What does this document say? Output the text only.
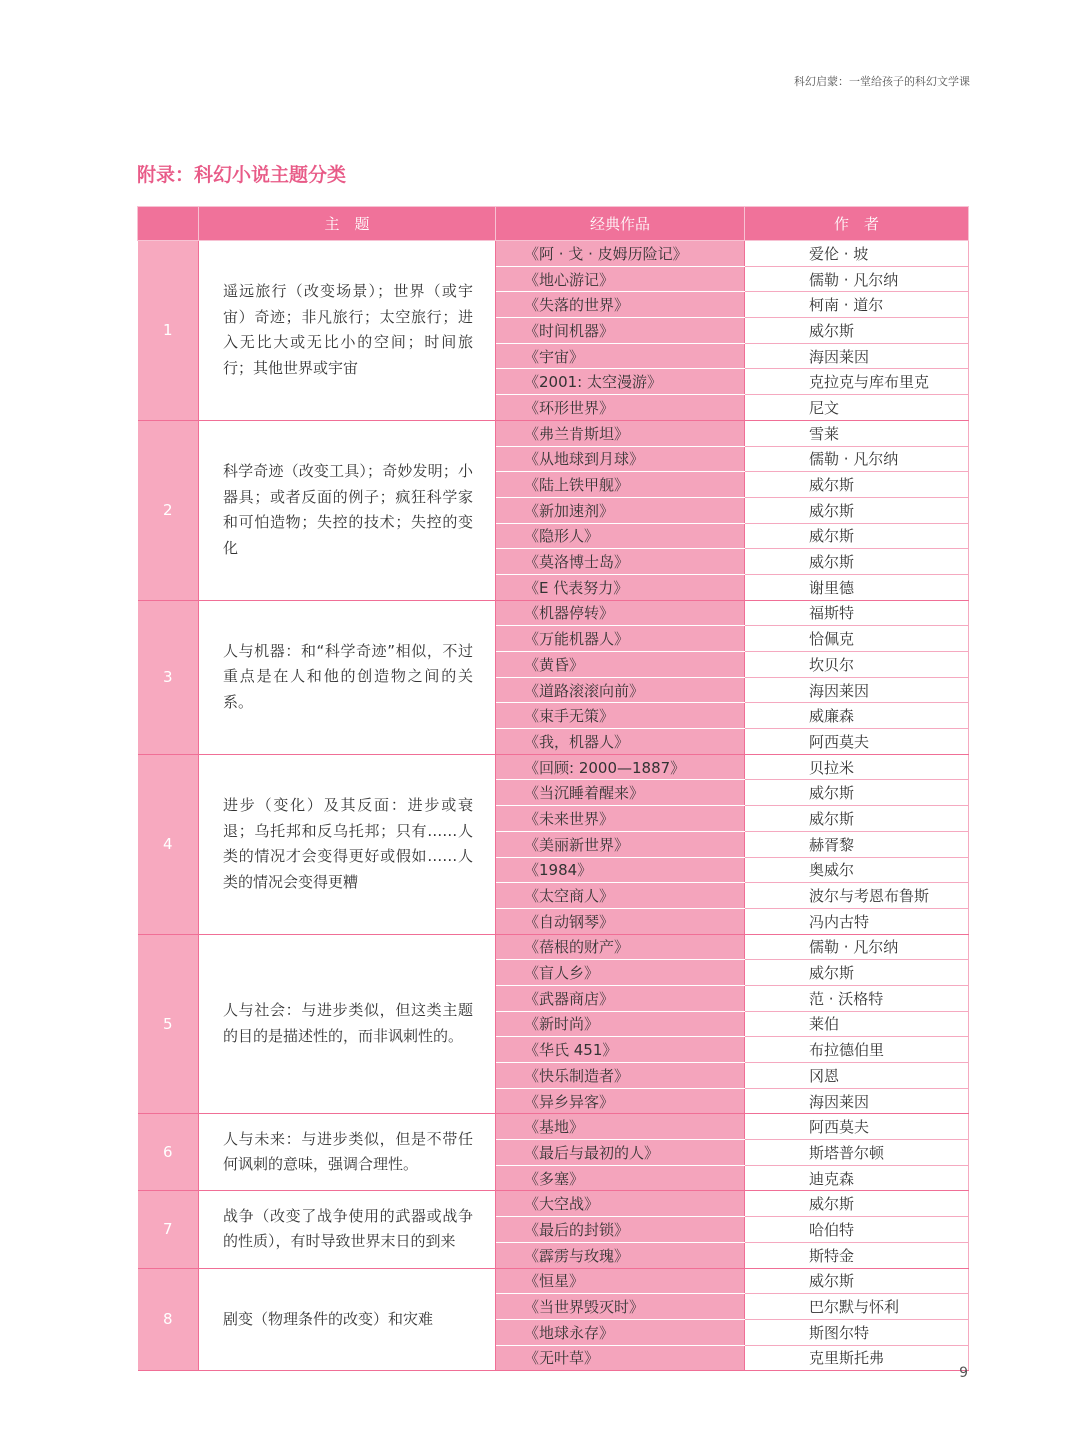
科幻启蒙：一堂给孩子的科幻文学课
附录：科幻小说主题分类
	主　题	经典作品	作　者
1	遥远旅行（改变场景）；世界（或宇宙）奇迹；非凡旅行；太空旅行；进入无比大或无比小的空间；时间旅行；其他世界或宇宙	《阿 · 戈 · 皮姆历险记》	爱伦 · 坡
		《地心游记》	儒勒 · 凡尔纳
		《失落的世界》	柯南 · 道尔
		《时间机器》	威尔斯
		《宇宙》	海因莱因
		《2001: 太空漫游》	克拉克与库布里克
		《环形世界》	尼文
2	科学奇迹（改变工具）；奇妙发明；小器具；或者反面的例子；疯狂科学家和可怕造物；失控的技术；失控的变化	《弗兰肯斯坦》	雪莱
		《从地球到月球》	儒勒 · 凡尔纳
		《陆上铁甲舰》	威尔斯
		《新加速剂》	威尔斯
		《隐形人》	威尔斯
		《莫洛博士岛》	威尔斯
		《E 代表努力》	谢里德
3	人与机器：和“科学奇迹”相似，不过重点是在人和他的创造物之间的关系。	《机器停转》	福斯特
		《万能机器人》	恰佩克
		《黄昏》	坎贝尔
		《道路滚滚向前》	海因莱因
		《束手无策》	威廉森
		《我，机器人》	阿西莫夫
4	进步（变化）及其反面：进步或衰退；乌托邦和反乌托邦；只有……人类的情况才会变得更好或假如……人类的情况会变得更糟	《回顾: 2000—1887》	贝拉米
		《当沉睡着醒来》	威尔斯
		《未来世界》	威尔斯
		《美丽新世界》	赫胥黎
		《1984》	奥威尔
		《太空商人》	波尔与考恩布鲁斯
		《自动钢琴》	冯内古特
5	人与社会：与进步类似，但这类主题的目的是描述性的，而非讽刺性的。	《蓓根的财产》	儒勒 · 凡尔纳
		《盲人乡》	威尔斯
		《武器商店》	范 · 沃格特
		《新时尚》	莱伯
		《华氏 451》	布拉德伯里
		《快乐制造者》	冈恩
		《异乡异客》	海因莱因
6	人与未来：与进步类似，但是不带任何讽刺的意味，强调合理性。	《基地》	阿西莫夫
		《最后与最初的人》	斯塔普尔顿
		《多塞》	迪克森
7	战争（改变了战争使用的武器或战争的性质），有时导致世界末日的到来	《大空战》	威尔斯
		《最后的封锁》	哈伯特
		《霹雳与玫瑰》	斯特金
8	剧变（物理条件的改变）和灾难	《恒星》	威尔斯
		《当世界毁灭时》	巴尔默与怀利
		《地球永存》	斯图尔特
		《无叶草》	克里斯托弗
9
